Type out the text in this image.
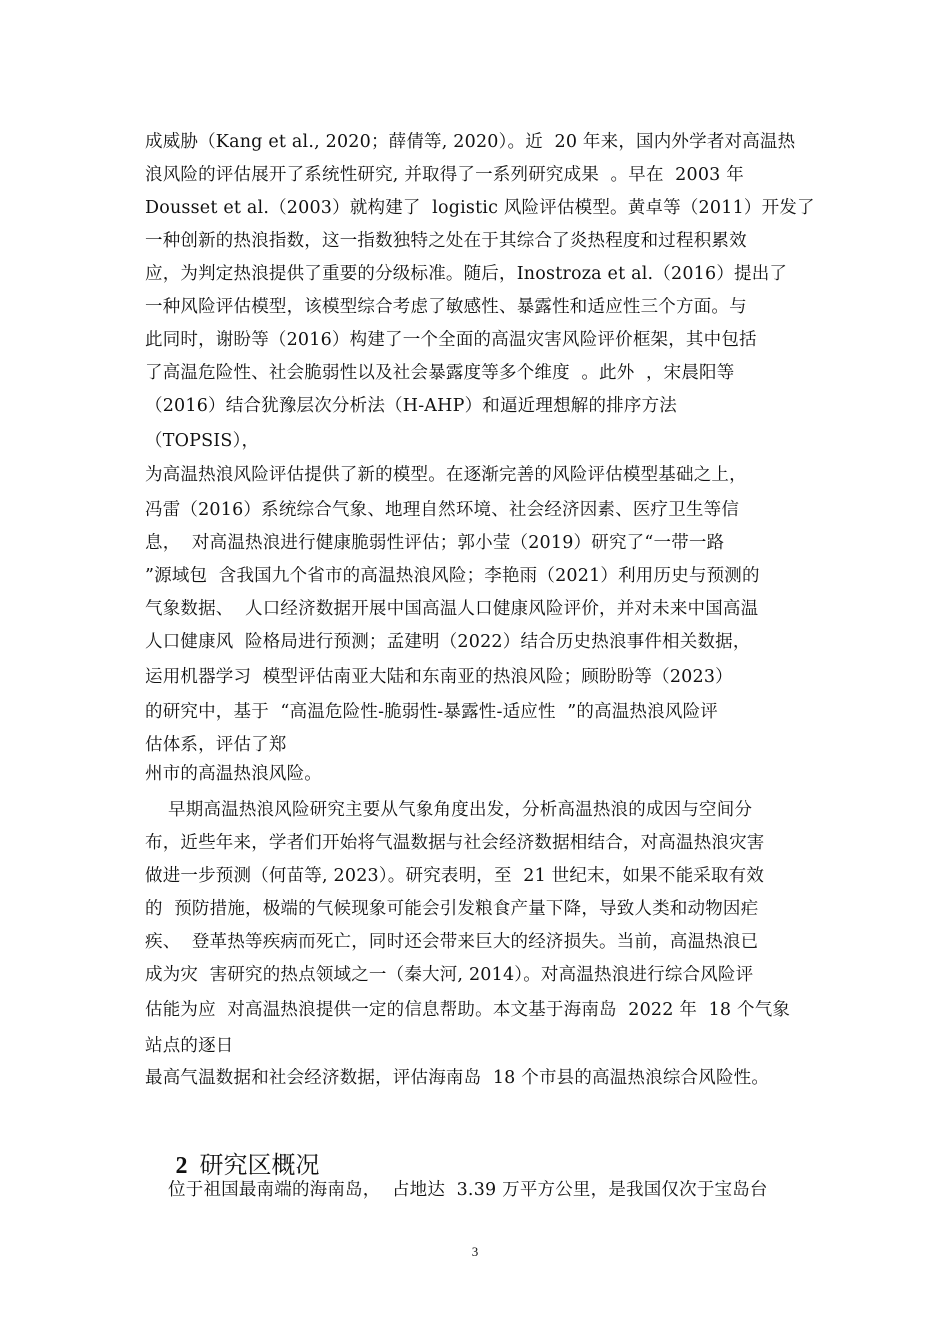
成威胁（Kang et al., 2020；薛倩等, 2020）。近  20 年来，国内外学者对高温热
浪风险的评估展开了系统性研究, 并取得了一系列研究成果  。早在  2003 年
Dousset et al.（2003）就构建了  logistic 风险评估模型。黄卓等（2011）开发了
一种创新的热浪指数，这一指数独特之处在于其综合了炎热程度和过程积累效
应，为判定热浪提供了重要的分级标准。随后，Inostroza et al.（2016）提出了
一种风险评估模型，该模型综合考虑了敏感性、暴露性和适应性三个方面。与
此同时，谢盼等（2016）构建了一个全面的高温灾害风险评价框架，其中包括
了高温危险性、社会脆弱性以及社会暴露度等多个维度  。此外  ，宋晨阳等
（2016）结合犹豫层次分析法（H-AHP）和逼近理想解的排序方法
（TOPSIS），
为高温热浪风险评估提供了新的模型。在逐渐完善的风险评估模型基础之上，
冯雷（2016）系统综合气象、地理自然环境、社会经济因素、医疗卫生等信
息，  对高温热浪进行健康脆弱性评估；郭小莹（2019）研究了“一带一路
”源域包  含我国九个省市的高温热浪风险；李艳雨（2021）利用历史与预测的
气象数据、  人口经济数据开展中国高温人口健康风险评价，并对未来中国高温
人口健康风  险格局进行预测；孟建明（2022）结合历史热浪事件相关数据，
运用机器学习  模型评估南亚大陆和东南亚的热浪风险；顾盼盼等（2023）
的研究中，基于  “高温危险性-脆弱性-暴露性-适应性  ”的高温热浪风险评
估体系，评估了郑
州市的高温热浪风险。
早期高温热浪风险研究主要从气象角度出发，分析高温热浪的成因与空间分
布，近些年来，学者们开始将气温数据与社会经济数据相结合，对高温热浪灾害
做进一步预测（何苗等, 2023）。研究表明，至  21 世纪末，如果不能采取有效
的  预防措施，极端的气候现象可能会引发粮食产量下降，导致人类和动物因疟
疾、  登革热等疾病而死亡，同时还会带来巨大的经济损失。当前，高温热浪已
成为灾  害研究的热点领域之一（秦大河, 2014）。对高温热浪进行综合风险评
估能为应  对高温热浪提供一定的信息帮助。本文基于海南岛  2022 年  18 个气象
站点的逐日
最高气温数据和社会经济数据，评估海南岛  18 个市县的高温热浪综合风险性。

2 研究区概况

位于祖国最南端的海南岛，  占地达  3.39 万平方公里，是我国仅次于宝岛台
3
